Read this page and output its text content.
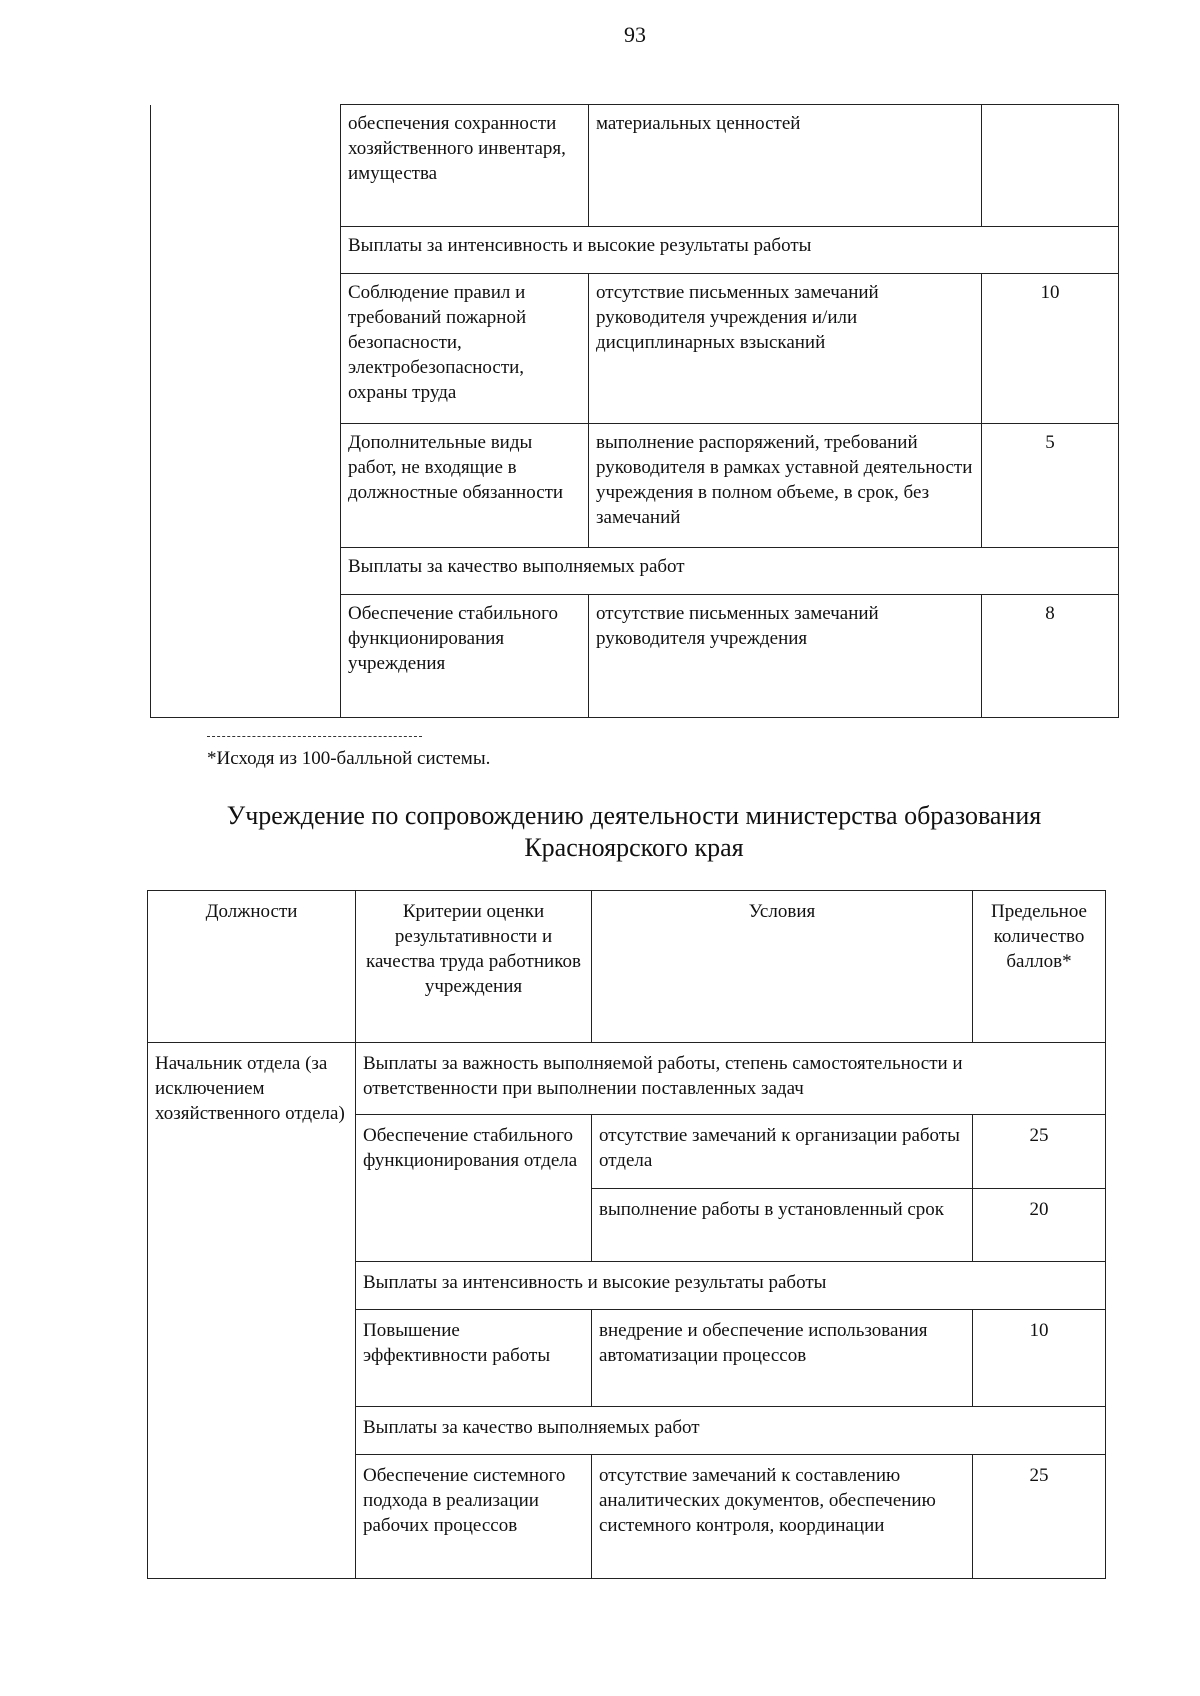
93
	обеспечения сохранности хозяйственного инвентаря, имущества	материальных ценностей	
	Выплаты за интенсивность и высокие результаты работы		
	Соблюдение правил и требований пожарной безопасности, электробезопасности, охраны труда	отсутствие письменных замечаний руководителя учреждения и/или дисциплинарных взысканий	10
	Дополнительные виды работ, не входящие в должностные обязанности	выполнение распоряжений, требований руководителя в рамках уставной деятельности учреждения в полном объеме, в срок, без замечаний	5
	Выплаты за качество выполняемых работ		
	Обеспечение стабильного функционирования учреждения	отсутствие письменных замечаний руководителя учреждения	8
*Исходя из 100-балльной системы.
Учреждение по сопровождению деятельности министерства образования Красноярского края
Должности	Критерии оценки результативности и качества труда работников учреждения	Условия	Предельное количество баллов*
Начальник отдела (за исключением хозяйственного отдела)	Выплаты за важность выполняемой работы, степень самостоятельности и ответственности при выполнении поставленных задач		
	Обеспечение стабильного функционирования отдела	отсутствие замечаний к организации работы отдела	25
		выполнение работы в установленный срок	20
	Выплаты за интенсивность и высокие результаты работы		
	Повышение эффективности работы	внедрение и обеспечение использования автоматизации процессов	10
	Выплаты за качество выполняемых работ		
	Обеспечение системного подхода в реализации рабочих процессов	отсутствие замечаний к составлению аналитических документов, обеспечению системного контроля, координации	25
